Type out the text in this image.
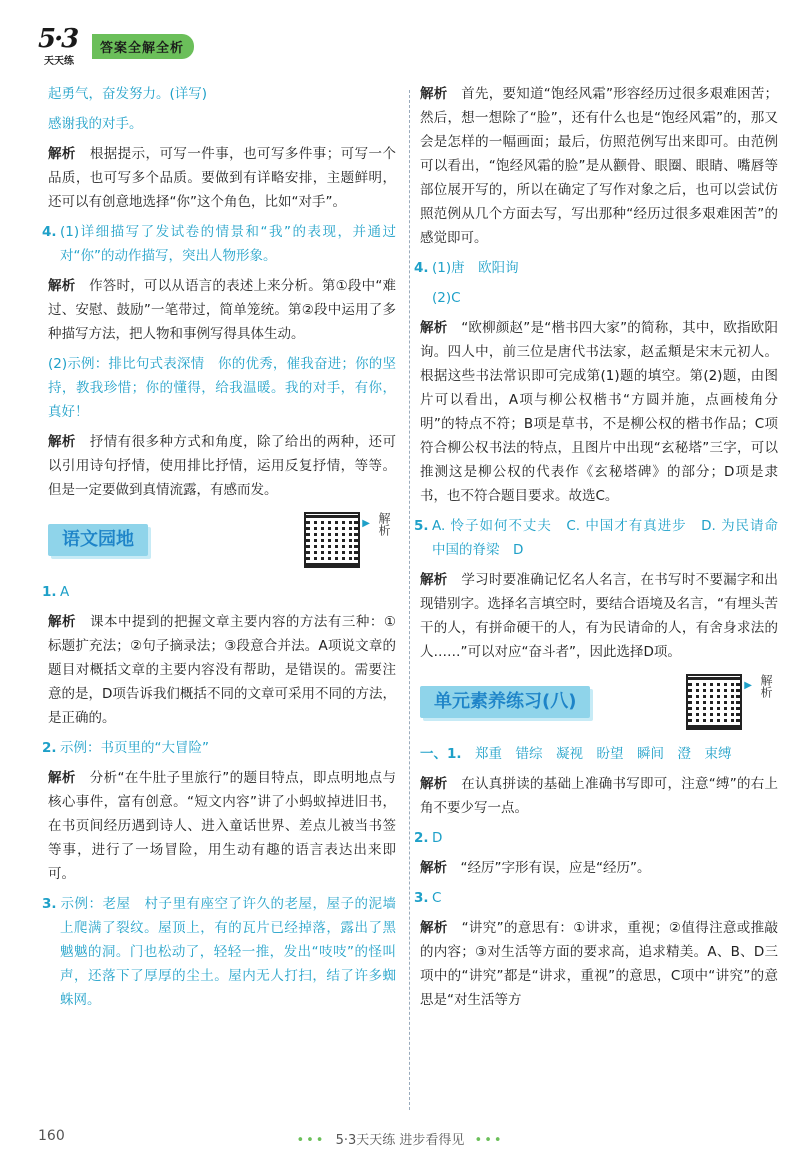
5·3
天天练
答案全解全析

起勇气，奋发努力。(详写)

感谢我的对手。

解析　 根据提示，可写一件事，也可写多件事；可写一个品质，也可写多个品质。要做到有详略安排，主题鲜明，还可以有创意地选择“你”这个角色，比如“对手”。

4. (1)详细描写了发试卷的情景和“我”的表现，并通过对“你”的动作描写，突出人物形象。

解析　 作答时，可以从语言的表述上来分析。第①段中“难过、安慰、鼓励”一笔带过，简单笼统。第②段中运用了多种描写方法，把人物和事例写得具体生动。

(2)示例：排比句式表深情　你的优秀，催我奋进；你的坚持，教我珍惜；你的懂得，给我温暖。我的对手，有你，真好！

解析　 抒情有很多种方式和角度，除了给出的两种，还可以引用诗句抒情，使用排比抒情，运用反复抒情，等等。但是一定要做到真情流露，有感而发。

语文园地
▶ 解析

1. A

解析　 课本中提到的把握文章主要内容的方法有三种：①标题扩充法；②句子摘录法；③段意合并法。A项说文章的题目对概括文章的主要内容没有帮助，是错误的。需要注意的是，D项告诉我们概括不同的文章可采用不同的方法，是正确的。

2. 示例：书页里的“大冒险”

解析　 分析“在牛肚子里旅行”的题目特点，即点明地点与核心事件，富有创意。“短文内容”讲了小蚂蚁掉进旧书，在书页间经历遇到诗人、进入童话世界、差点儿被当书签等事，进行了一场冒险，用生动有趣的语言表达出来即可。

3. 示例：老屋　村子里有座空了许久的老屋，屋子的泥墙上爬满了裂纹。屋顶上，有的瓦片已经掉落，露出了黑魆魆的洞。门也松动了，轻轻一推，发出“吱吱”的怪叫声，还落下了厚厚的尘土。屋内无人打扫，结了许多蜘蛛网。

解析　 首先，要知道“饱经风霜”形容经历过很多艰难困苦；然后，想一想除了“脸”，还有什么也是“饱经风霜”的，那又会是怎样的一幅画面；最后，仿照范例写出来即可。由范例可以看出，“饱经风霜的脸”是从颧骨、眼圈、眼睛、嘴唇等部位展开写的，所以在确定了写作对象之后，也可以尝试仿照范例从几个方面去写，写出那种“经历过很多艰难困苦”的感觉即可。

4. (1)唐　欧阳询

(2)C

解析　 “欧柳颜赵”是“楷书四大家”的简称，其中，欧指欧阳询。四人中，前三位是唐代书法家，赵孟頫是宋末元初人。根据这些书法常识即可完成第(1)题的填空。第(2)题，由图片可以看出，A项与柳公权楷书“方圆并施，点画棱角分明”的特点不符；B项是草书，不是柳公权的楷书作品；C项符合柳公权书法的特点，且图片中出现“玄秘塔”三字，可以推测这是柳公权的代表作《玄秘塔碑》的部分；D项是隶书，也不符合题目要求。故选C。

5. A. 怜子如何不丈夫　C. 中国才有真进步　D. 为民请命　中国的脊梁　D

解析　 学习时要准确记忆名人名言，在书写时不要漏字和出现错别字。选择名言填空时，要结合语境及名言，“有埋头苦干的人，有拼命硬干的人，有为民请命的人，有舍身求法的人……”可以对应“奋斗者”，因此选择D项。

单元素养练习(八)
▶ 解析

一、1.　 郑重　错综　凝视　盼望　瞬间　澄　束缚

解析　 在认真拼读的基础上准确书写即可，注意“缚”的右上角不要少写一点。

2. D

解析　 “经厉”字形有误，应是“经历”。

3. C

解析　 “讲究”的意思有：①讲求，重视；②值得注意或推敲的内容；③对生活等方面的要求高，追求精美。A、B、D三项中的“讲究”都是“讲求，重视”的意思，C项中“讲究”的意思是“对生活等方

160	••• 5·3天天练 进步看得见 •••
